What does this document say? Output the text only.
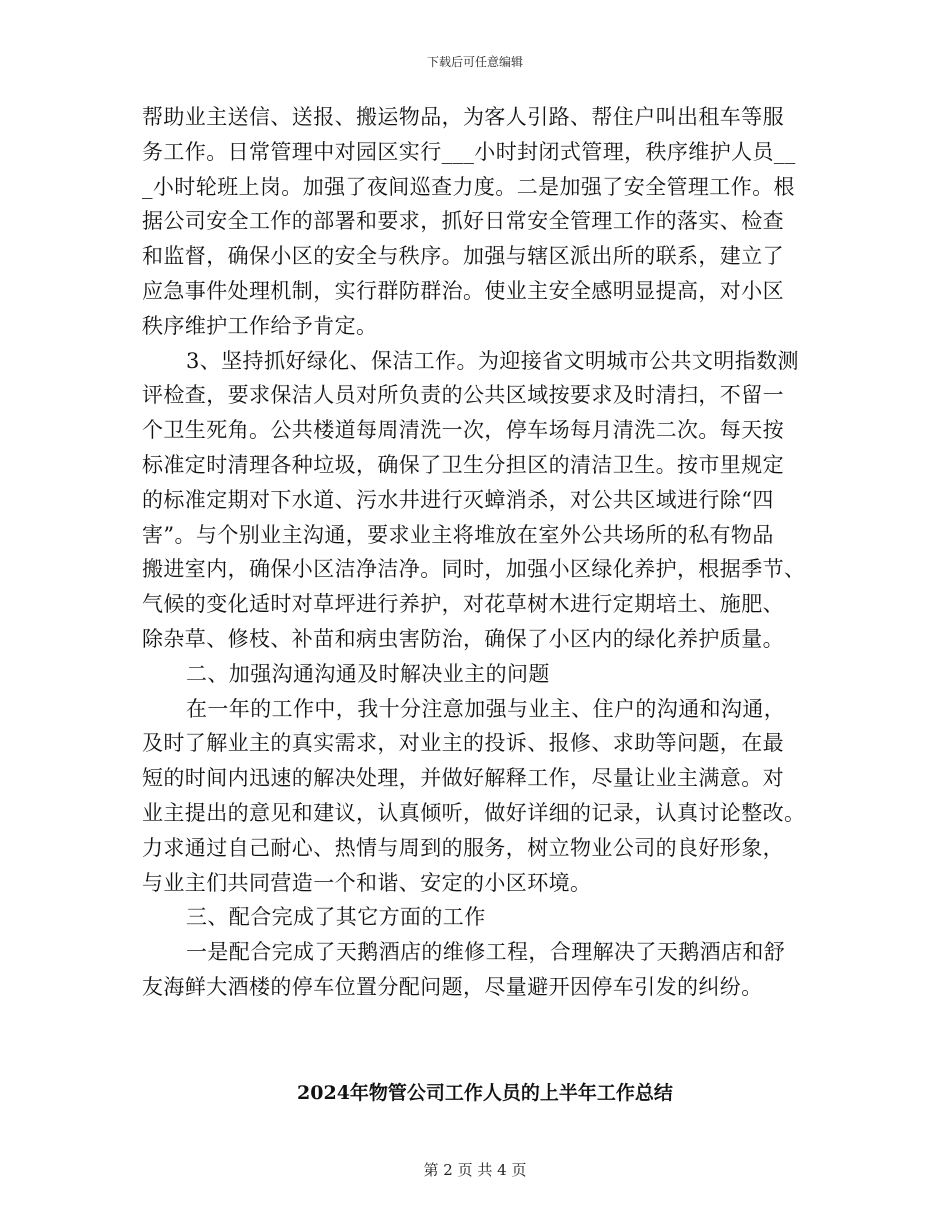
下载后可任意编辑
帮助业主送信、送报、搬运物品，为客人引路、帮住户叫出租车等服
务工作。日常管理中对园区实行___小时封闭式管理，秩序维护人员__
_小时轮班上岗。加强了夜间巡查力度。二是加强了安全管理工作。根
据公司安全工作的部署和要求，抓好日常安全管理工作的落实、检查
和监督，确保小区的安全与秩序。加强与辖区派出所的联系，建立了
应急事件处理机制，实行群防群治。使业主安全感明显提高，对小区
秩序维护工作给予肯定。
3、坚持抓好绿化、保洁工作。为迎接省文明城市公共文明指数测
评检查，要求保洁人员对所负责的公共区域按要求及时清扫，不留一
个卫生死角。公共楼道每周清洗一次，停车场每月清洗二次。每天按
标准定时清理各种垃圾，确保了卫生分担区的清洁卫生。按市里规定
的标准定期对下水道、污水井进行灭蟑消杀，对公共区域进行除“四
害”。与个别业主沟通，要求业主将堆放在室外公共场所的私有物品
搬进室内，确保小区洁净洁净。同时，加强小区绿化养护，根据季节、
气候的变化适时对草坪进行养护，对花草树木进行定期培土、施肥、
除杂草、修枝、补苗和病虫害防治，确保了小区内的绿化养护质量。
二、加强沟通沟通及时解决业主的问题
在一年的工作中，我十分注意加强与业主、住户的沟通和沟通，
及时了解业主的真实需求，对业主的投诉、报修、求助等问题，在最
短的时间内迅速的解决处理，并做好解释工作，尽量让业主满意。对
业主提出的意见和建议，认真倾听，做好详细的记录，认真讨论整改。
力求通过自己耐心、热情与周到的服务，树立物业公司的良好形象，
与业主们共同营造一个和谐、安定的小区环境。
三、配合完成了其它方面的工作
一是配合完成了天鹅酒店的维修工程，合理解决了天鹅酒店和舒
友海鲜大酒楼的停车位置分配问题，尽量避开因停车引发的纠纷。
2024年物管公司工作人员的上半年工作总结
第 2 页 共 4 页
